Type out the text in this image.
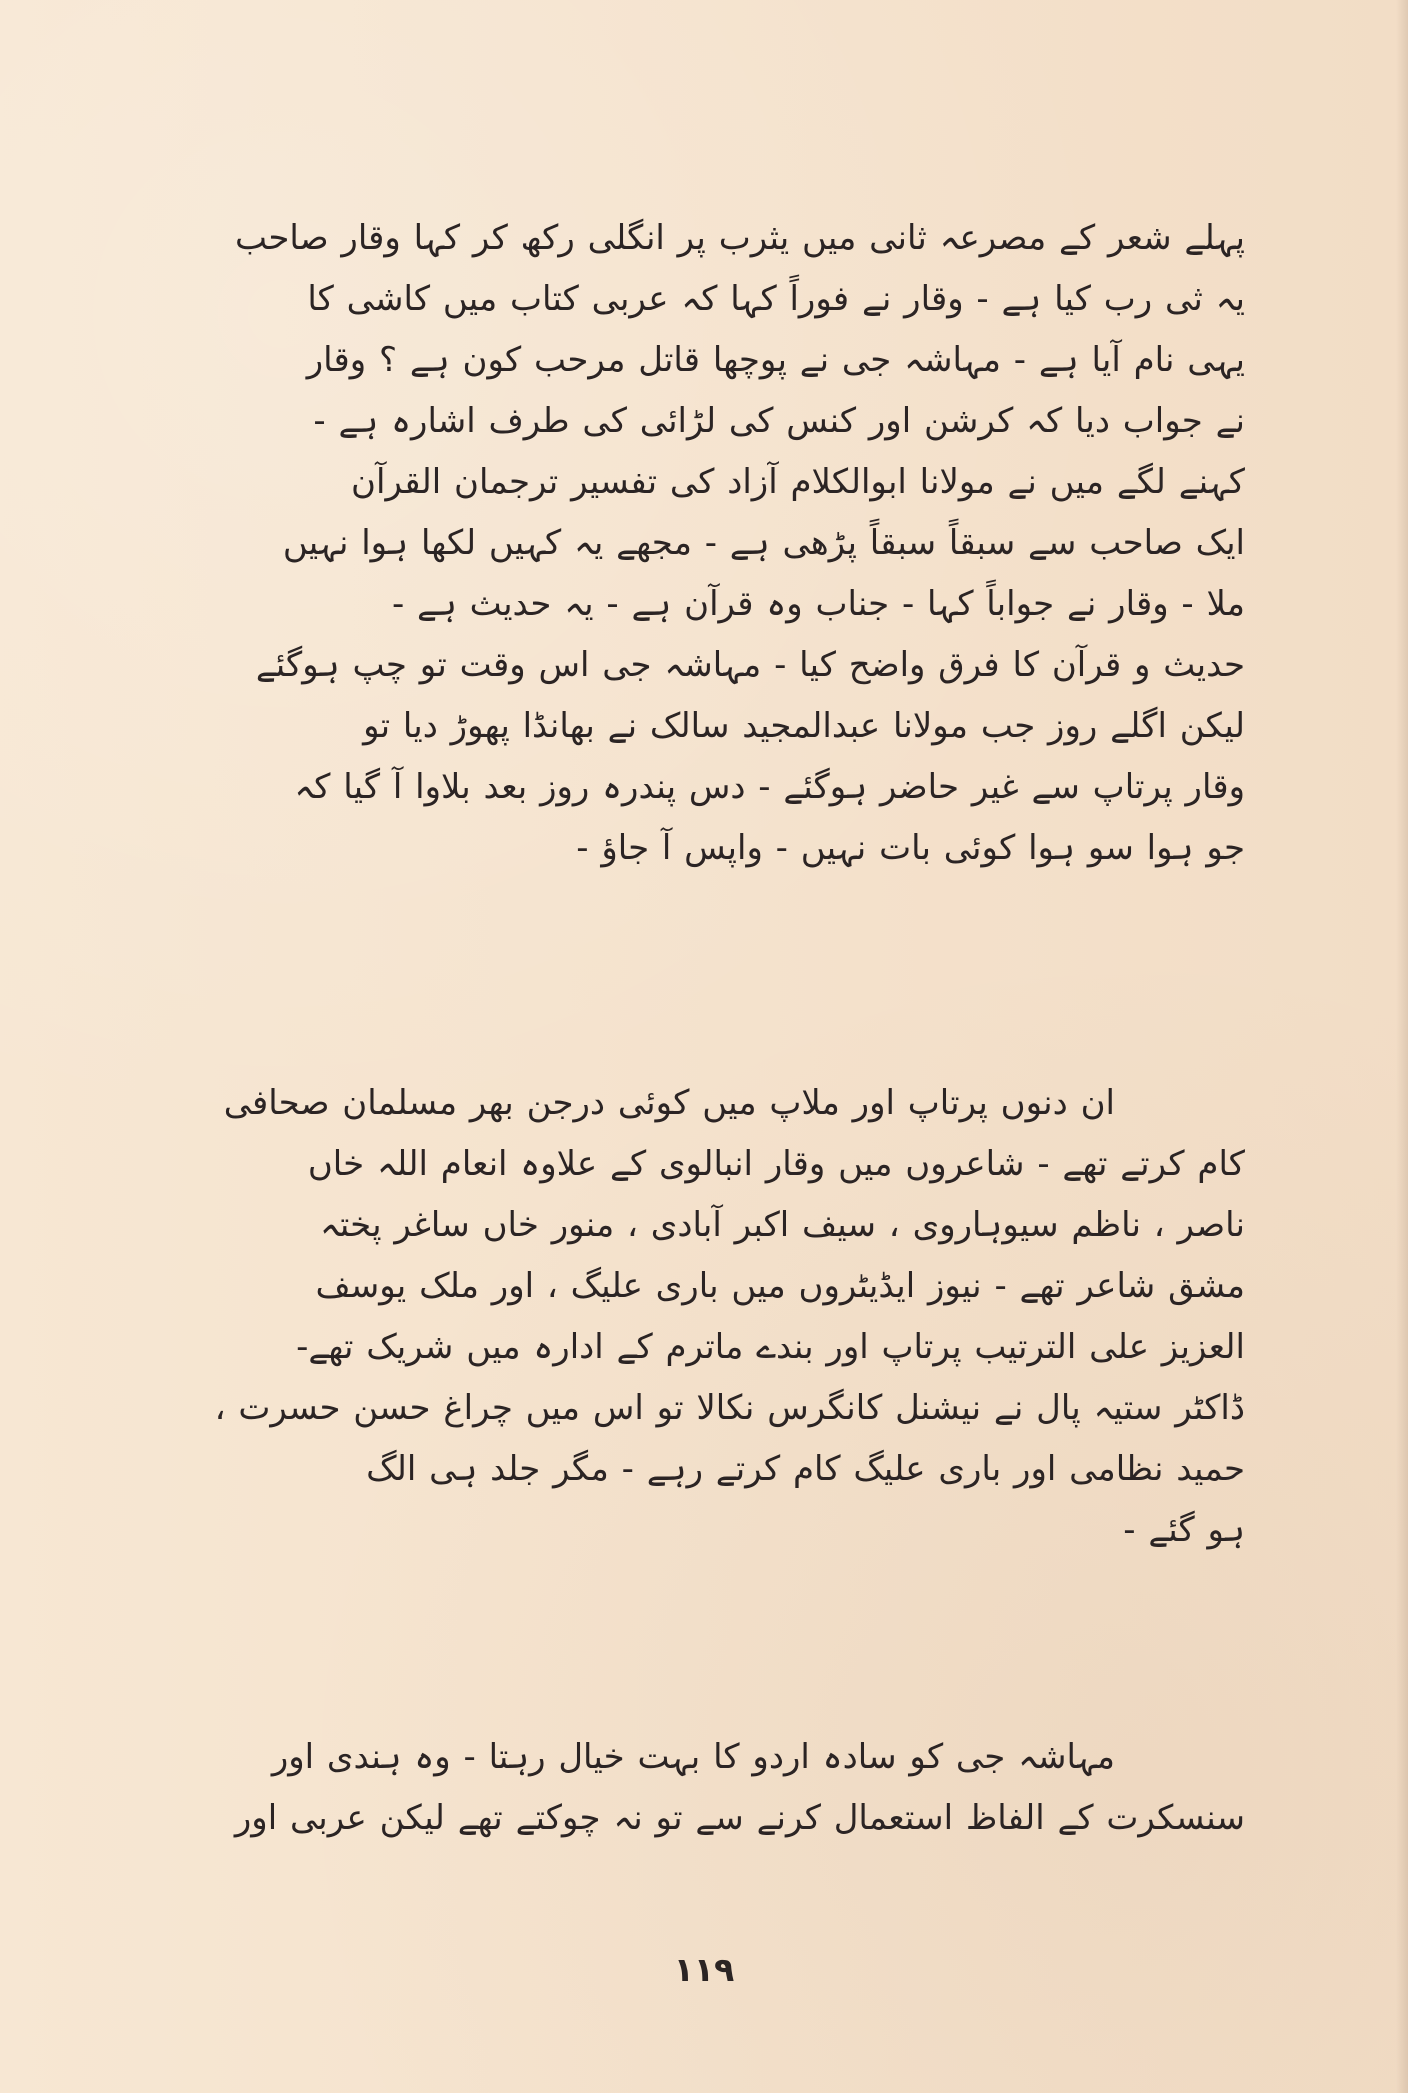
پہلے شعر کے مصرعہ ثانی میں یثرب پر انگلی رکھ کر کہا وقار صاحب
یہ ثی رب کیا ہے - وقار نے فوراً کہا کہ عربی کتاب میں کاشی کا
یہی نام آیا ہے - مہاشہ جی نے پوچھا قاتل مرحب کون ہے ؟ وقار
نے جواب دیا کہ کرشن اور کنس کی لڑائی کی طرف اشارہ ہے -
کہنے لگے میں نے مولانا ابوالکلام آزاد کی تفسیر ترجمان القرآن
ایک صاحب سے سبقاً سبقاً پڑھی ہے - مجھے یہ کہیں لکھا ہوا نہیں
ملا - وقار نے جواباً کہا - جناب وہ قرآن ہے - یہ حدیث ہے -
حدیث و قرآن کا فرق واضح کیا - مہاشہ جی اس وقت تو چپ ہوگئے
لیکن اگلے روز جب مولانا عبدالمجید سالک نے بھانڈا پھوڑ دیا تو
وقار پرتاپ سے غیر حاضر ہوگئے - دس پندرہ روز بعد بلاوا آ گیا کہ
جو ہوا سو ہوا کوئی بات نہیں - واپس آ جاؤ -
ان دنوں پرتاپ اور ملاپ میں کوئی درجن بھر مسلمان صحافی
کام کرتے تھے - شاعروں میں وقار انبالوی کے علاوہ انعام اللہ خاں
ناصر ، ناظم سیوہاروی ، سیف اکبر آبادی ، منور خاں ساغر پختہ
مشق شاعر تھے - نیوز ایڈیٹروں میں باری علیگ ، اور ملک یوسف
العزیز علی الترتیب پرتاپ اور بندے ماترم کے ادارہ میں شریک تھے-
ڈاکٹر ستیہ پال نے نیشنل کانگرس نکالا تو اس میں چراغ حسن حسرت ،
حمید نظامی اور باری علیگ کام کرتے رہے - مگر جلد ہی الگ
ہو گئے -
مہاشہ جی کو سادہ اردو کا بہت خیال رہتا - وہ ہندی اور
سنسکرت کے الفاظ استعمال کرنے سے تو نہ چوکتے تھے لیکن عربی اور
۱۱۹
